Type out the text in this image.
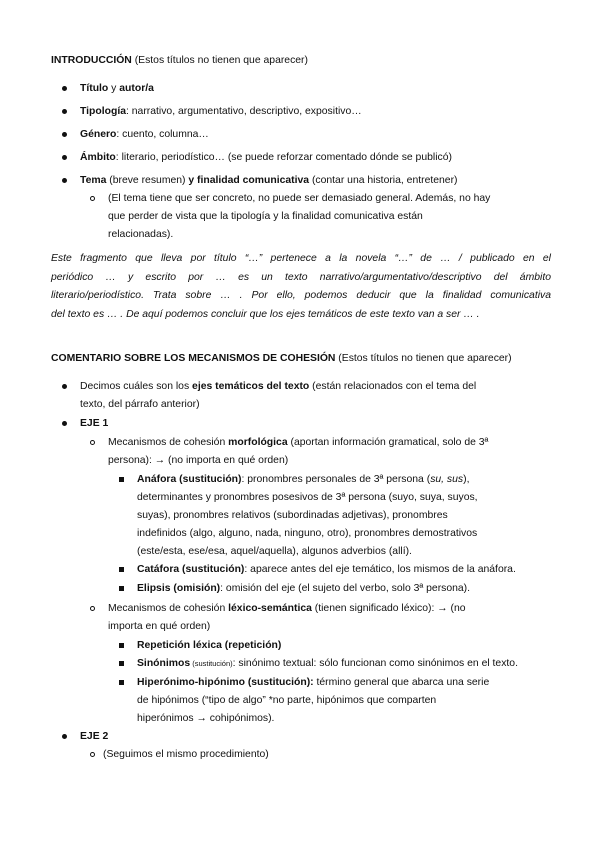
INTRODUCCIÓN (Estos títulos no tienen que aparecer)
Título y autor/a
Tipología: narrativo, argumentativo, descriptivo, expositivo…
Género: cuento, columna…
Ámbito: literario, periodístico… (se puede reforzar comentado dónde se publicó)
Tema (breve resumen) y finalidad comunicativa (contar una historia, entretener)
(El tema tiene que ser concreto, no puede ser demasiado general. Además, no hay
que perder de vista que la tipología y la finalidad comunicativa están
relacionadas).
Este fragmento que lleva por título “…” pertenece a la novela “…” de … / publicado en el
periódico … y escrito por … es un texto narrativo/argumentativo/descriptivo del ámbito
literario/periodístico. Trata sobre … . Por ello, podemos deducir que la finalidad comunicativa
del texto es … . De aquí podemos concluir que los ejes temáticos de este texto van a ser … .
COMENTARIO SOBRE LOS MECANISMOS DE COHESIÓN (Estos títulos no tienen que aparecer)
Decimos cuáles son los ejes temáticos del texto (están relacionados con el tema del
texto, del párrafo anterior)
EJE 1
Mecanismos de cohesión morfológica (aportan información gramatical, solo de 3ª
persona): → (no importa en qué orden)
Anáfora (sustitución): pronombres personales de 3ª persona (su, sus),
determinantes y pronombres posesivos de 3ª persona (suyo, suya, suyos,
suyas), pronombres relativos (subordinadas adjetivas), pronombres
indefinidos (algo, alguno, nada, ninguno, otro), pronombres demostrativos
(este/esta, ese/esa, aquel/aquella), algunos adverbios (allí).
Catáfora (sustitución): aparece antes del eje temático, los mismos de la anáfora.
Elipsis (omisión): omisión del eje (el sujeto del verbo, solo 3ª persona).
Mecanismos de cohesión léxico-semántica (tienen significado léxico): → (no
importa en qué orden)
Repetición léxica (repetición)
Sinónimos (sustitución): sinónimo textual: sólo funcionan como sinónimos en el texto.
Hiperónimo-hipónimo (sustitución): término general que abarca una serie
de hipónimos (“tipo de algo” *no parte, hipónimos que comparten
hiperónimos → cohipónimos).
EJE 2
(Seguimos el mismo procedimiento)
